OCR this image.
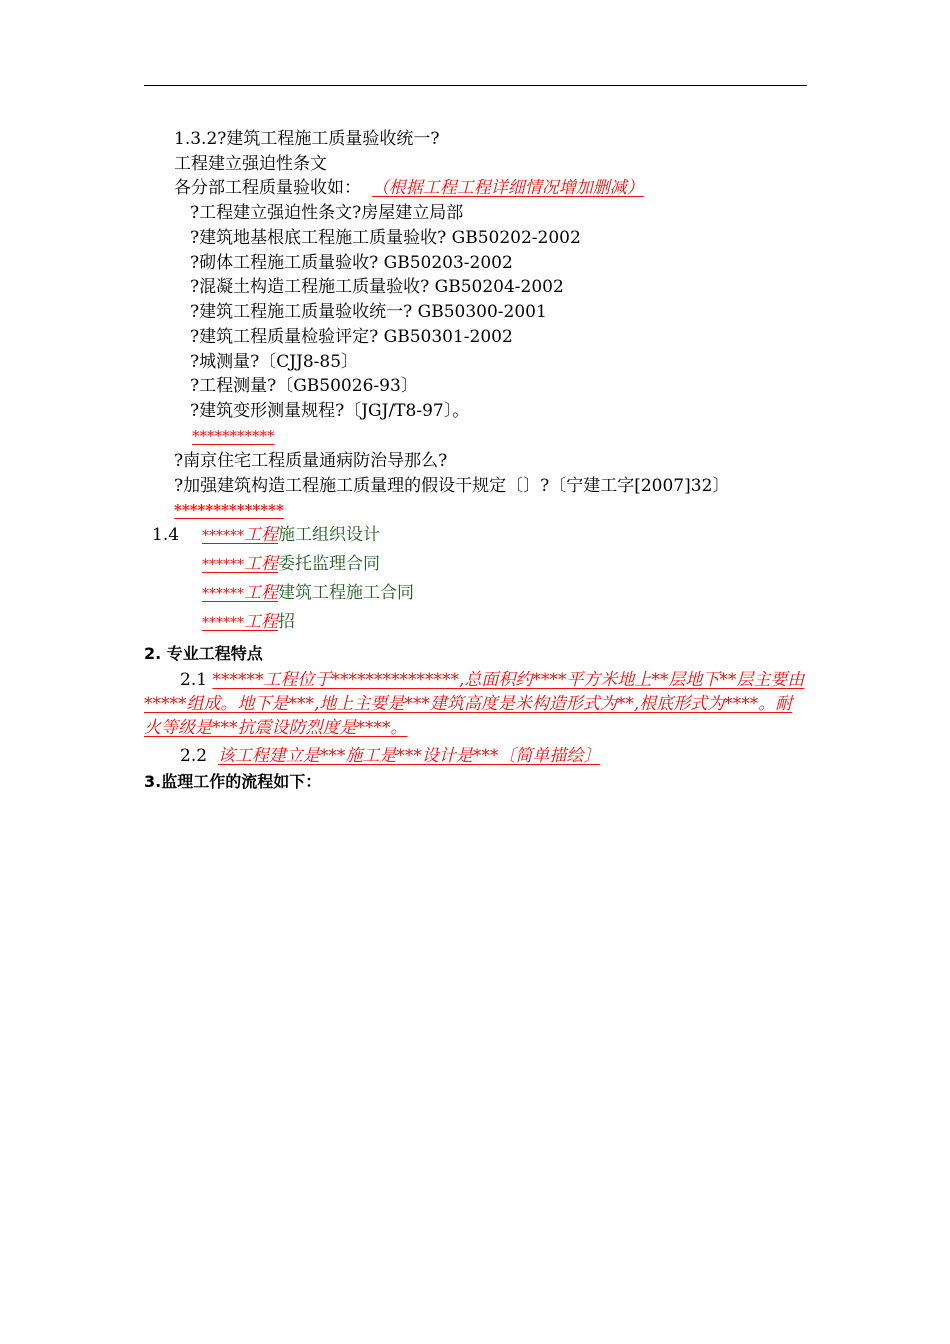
1.3.2?建筑工程施工质量验收统一?
工程建立强迫性条文
各分部工程质量验收如： （根据工程工程详细情况增加删减）
?工程建立强迫性条文?房屋建立局部
?建筑地基根底工程施工质量验收? GB50202-2002
?砌体工程施工质量验收? GB50203-2002
?混凝土构造工程施工质量验收? GB50204-2002
?建筑工程施工质量验收统一? GB50300-2001
?建筑工程质量检验评定? GB50301-2002
?城测量?〔CJJ8-85〕
?工程测量?〔GB50026-93〕
?建筑变形测量规程?〔JGJ/T8-97〕。
***********
?南京住宅工程质量通病防治导那么?
?加强建筑构造工程施工质量理的假设干规定〔〕?〔宁建工字[2007]32〕
**************
1.4 ******工程施工组织设计
******工程委托监理合同
******工程建筑工程施工合同
******工程招
2. 专业工程特点
2.1 ******工程位于***************,总面积约****平方米地上**层地下**层主要由*****组成。地下是***,地上主要是***建筑高度是米构造形式为**,根底形式为****。耐火等级是***抗震设防烈度是****。
2.2 该工程建立是***施工是***设计是***〔简单描绘〕
3.监理工作的流程如下：
